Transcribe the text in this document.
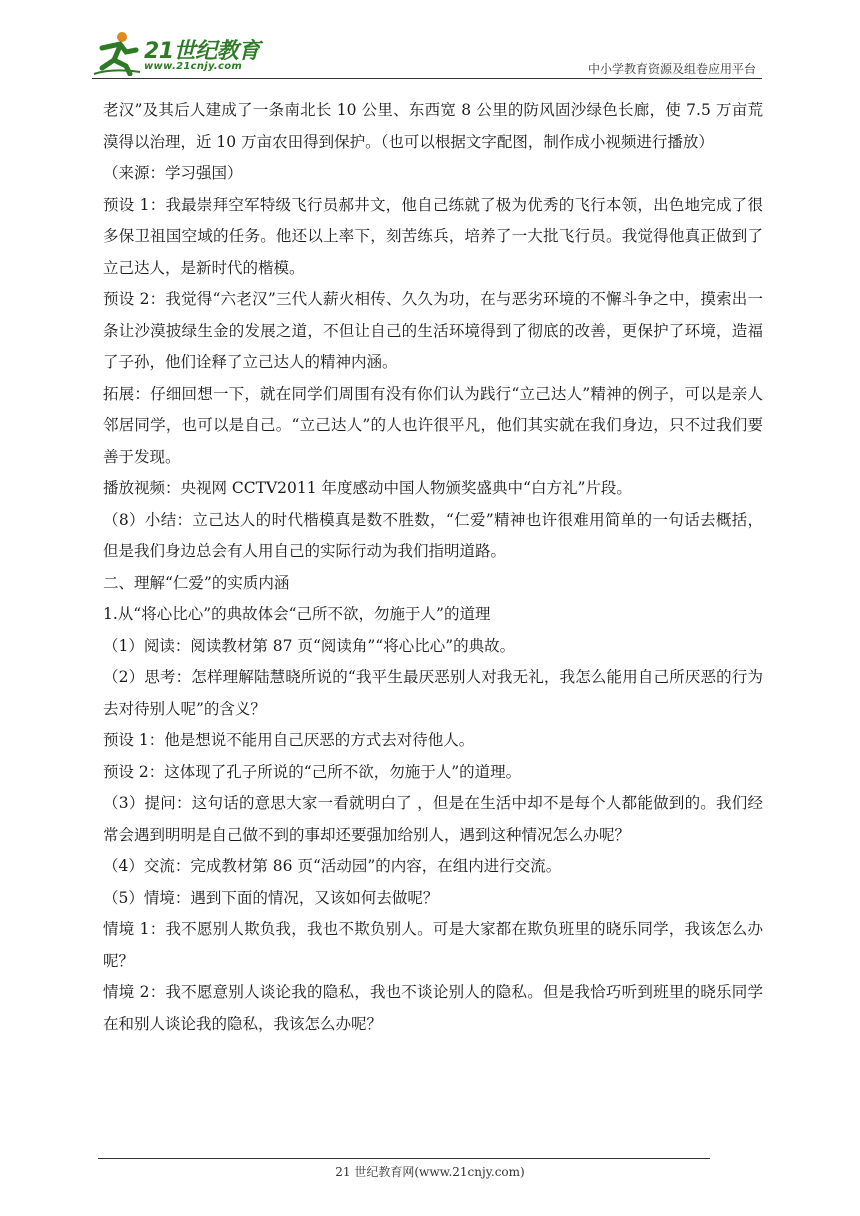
21世纪教育
www.21cnjy.com	中小学教育资源及组卷应用平台

老汉”及其后人建成了一条南北长 10 公里、东西宽 8 公里的防风固沙绿色长廊，使 7.5 万亩荒漠得以治理，近 10 万亩农田得到保护。（也可以根据文字配图，制作成小视频进行播放）

（来源：学习强国）

预设 1：我最崇拜空军特级飞行员郝井文，他自己练就了极为优秀的飞行本领，出色地完成了很多保卫祖国空域的任务。他还以上率下，刻苦练兵，培养了一大批飞行员。我觉得他真正做到了立己达人，是新时代的楷模。

预设 2：我觉得“六老汉”三代人薪火相传、久久为功，在与恶劣环境的不懈斗争之中，摸索出一条让沙漠披绿生金的发展之道，不但让自己的生活环境得到了彻底的改善，更保护了环境，造福了子孙，他们诠释了立己达人的精神内涵。

拓展：仔细回想一下，就在同学们周围有没有你们认为践行“立己达人”精神的例子，可以是亲人邻居同学，也可以是自己。“立己达人”的人也许很平凡，他们其实就在我们身边，只不过我们要善于发现。

播放视频：央视网 CCTV2011 年度感动中国人物颁奖盛典中“白方礼”片段。

（8）小结：立己达人的时代楷模真是数不胜数，“仁爱”精神也许很难用简单的一句话去概括，但是我们身边总会有人用自己的实际行动为我们指明道路。

二、理解“仁爱”的实质内涵

1.从“将心比心”的典故体会“己所不欲，勿施于人”的道理

（1）阅读：阅读教材第 87 页“阅读角”“将心比心”的典故。

（2）思考：怎样理解陆慧晓所说的“我平生最厌恶别人对我无礼，我怎么能用自己所厌恶的行为去对待别人呢”的含义？

预设 1：他是想说不能用自己厌恶的方式去对待他人。

预设 2：这体现了孔子所说的“己所不欲，勿施于人”的道理。

（3）提问：这句话的意思大家一看就明白了 ，但是在生活中却不是每个人都能做到的。我们经常会遇到明明是自己做不到的事却还要强加给别人，遇到这种情况怎么办呢？

（4）交流：完成教材第 86 页“活动园”的内容，在组内进行交流。

（5）情境：遇到下面的情况，又该如何去做呢？

情境 1：我不愿别人欺负我，我也不欺负别人。可是大家都在欺负班里的晓乐同学，我该怎么办呢？

情境 2：我不愿意别人谈论我的隐私，我也不谈论别人的隐私。但是我恰巧听到班里的晓乐同学在和别人谈论我的隐私，我该怎么办呢？

21 世纪教育网(www.21cnjy.com)
